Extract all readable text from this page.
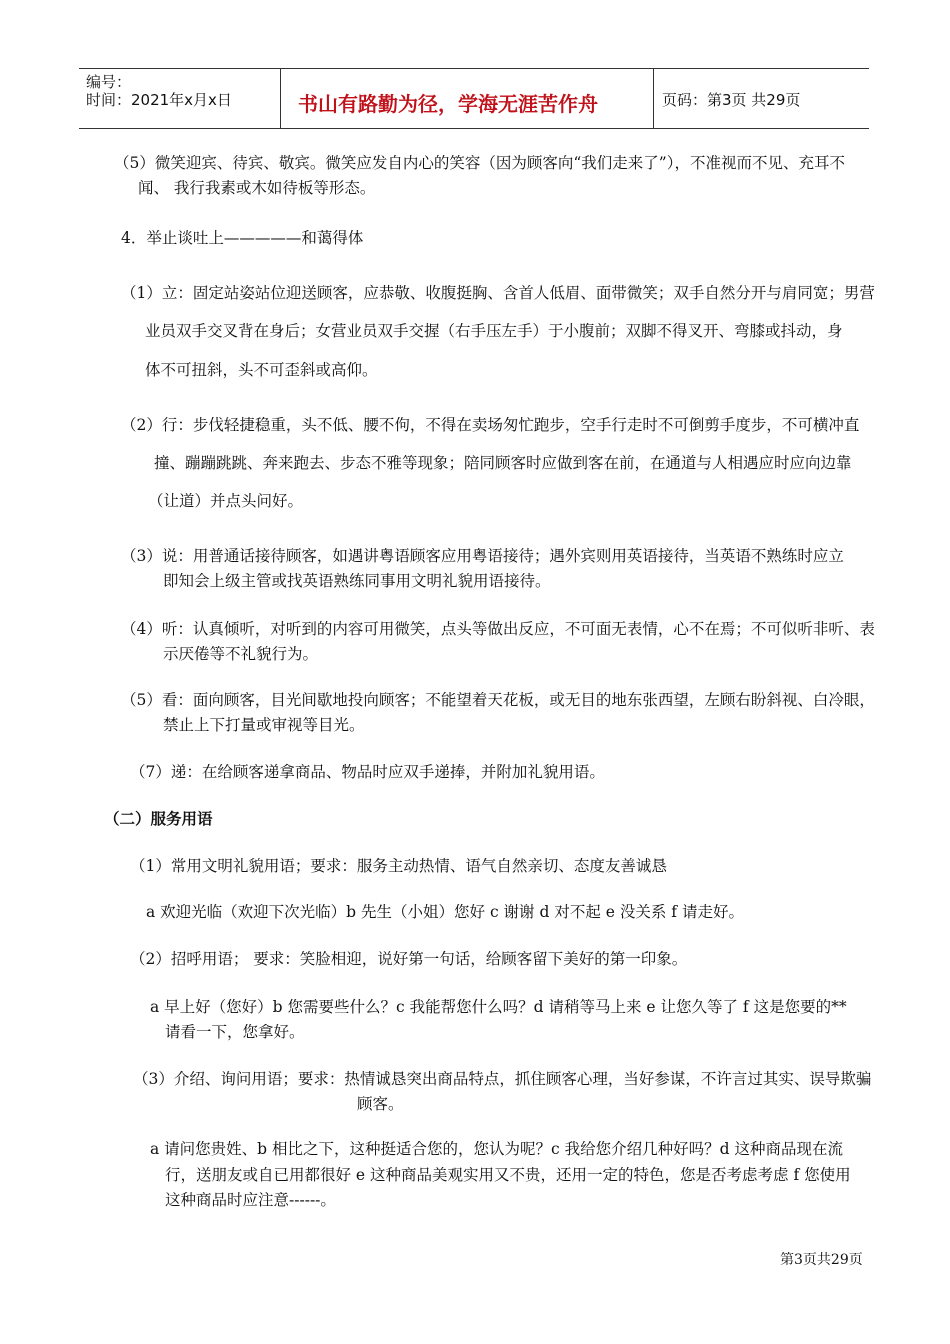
编号：
时间：2021年x月x日	书山有路勤为径，学海无涯苦作舟	页码：第3页 共29页
（5）微笑迎宾、待宾、敬宾。微笑应发自内心的笑容（因为顾客向“我们走来了”），不准视而不见、充耳不
闻、 我行我素或木如待板等形态。
4．举止谈吐上—————和蔼得体
（1）立：固定站姿站位迎送顾客，应恭敬、收腹挺胸、含首人低眉、面带微笑；双手自然分开与肩同宽；男营
业员双手交叉背在身后；女营业员双手交握（右手压左手）于小腹前；双脚不得叉开、弯膝或抖动，身
体不可扭斜，头不可歪斜或高仰。
（2）行：步伐轻捷稳重，头不低、腰不佝，不得在卖场匆忙跑步，空手行走时不可倒剪手度步，不可横冲直
撞、蹦蹦跳跳、奔来跑去、步态不雅等现象；陪同顾客时应做到客在前，在通道与人相遇应时应向边靠
（让道）并点头问好。
（3）说：用普通话接待顾客，如遇讲粤语顾客应用粤语接待；遇外宾则用英语接待，当英语不熟练时应立
即知会上级主管或找英语熟练同事用文明礼貌用语接待。
（4）听：认真倾听，对听到的内容可用微笑，点头等做出反应，不可面无表情，心不在焉；不可似听非听、表
示厌倦等不礼貌行为。
（5）看：面向顾客，目光间歇地投向顾客；不能望着天花板，或无目的地东张西望，左顾右盼斜视、白冷眼，
禁止上下打量或审视等目光。
（7）递：在给顾客递拿商品、物品时应双手递捧，并附加礼貌用语。
（二）服务用语
（1）常用文明礼貌用语；要求：服务主动热情、语气自然亲切、态度友善诚恳
a 欢迎光临（欢迎下次光临）b 先生（小姐）您好 c 谢谢 d 对不起 e 没关系 f 请走好。
（2）招呼用语； 要求：笑脸相迎，说好第一句话，给顾客留下美好的第一印象。
a 早上好（您好）b 您需要些什么？c 我能帮您什么吗？d 请稍等马上来 e 让您久等了 f 这是您要的**
请看一下，您拿好。
（3）介绍、询问用语；要求：热情诚恳突出商品特点，抓住顾客心理，当好参谋，不许言过其实、误导欺骗
顾客。
a 请问您贵姓、b 相比之下，这种挺适合您的，您认为呢？c 我给您介绍几种好吗？d 这种商品现在流
行，送朋友或自已用都很好 e 这种商品美观实用又不贵，还用一定的特色，您是否考虑考虑 f 您使用
这种商品时应注意------。
第3页共29页
